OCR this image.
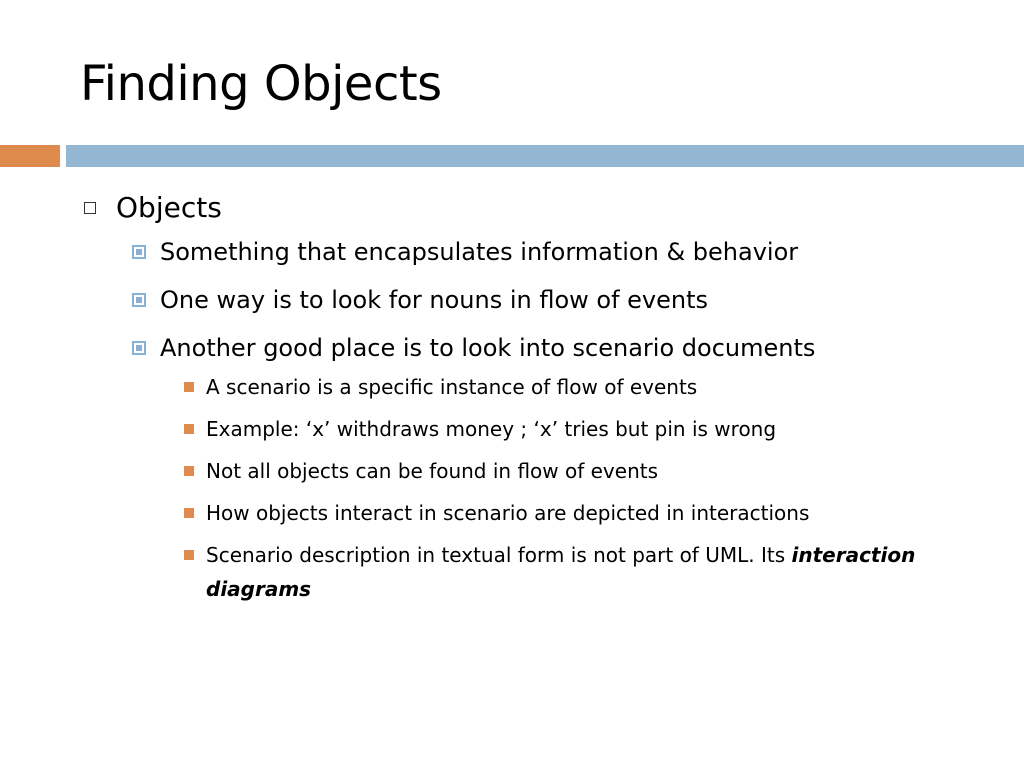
Finding Objects
Objects
Something that encapsulates information & behavior
One way is to look for nouns in flow of events
Another good place is to look into scenario documents
A scenario is a specific instance of flow of events
Example: ‘x’ withdraws money ; ‘x’ tries but pin is wrong
Not all objects can be found in flow of events
How objects interact in scenario are depicted in interactions
Scenario description in textual form is not part of UML. Its interaction diagrams
